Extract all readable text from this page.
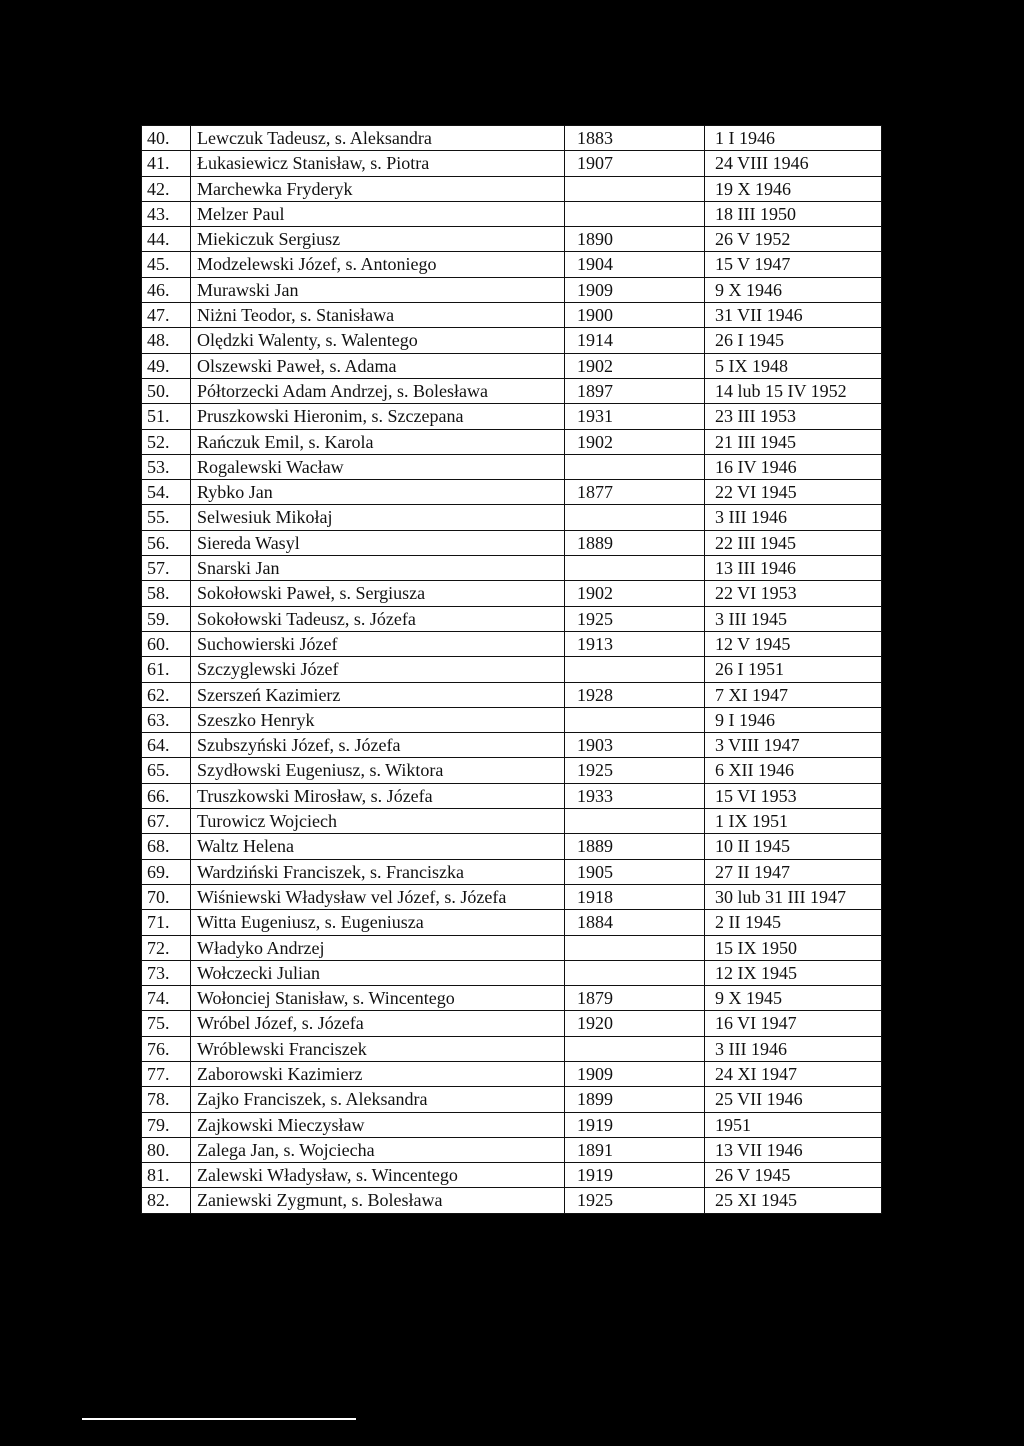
40.	Lewczuk Tadeusz, s. Aleksandra	1883	1 I 1946
41.	Łukasiewicz Stanisław, s. Piotra	1907	24 VIII 1946
42.	Marchewka Fryderyk		19 X 1946
43.	Melzer Paul		18 III 1950
44.	Miekiczuk Sergiusz	1890	26 V 1952
45.	Modzelewski Józef, s. Antoniego	1904	15 V 1947
46.	Murawski Jan	1909	9 X 1946
47.	Niżni Teodor, s. Stanisława	1900	31 VII 1946
48.	Olędzki Walenty, s. Walentego	1914	26 I 1945
49.	Olszewski Paweł, s. Adama	1902	5 IX 1948
50.	Półtorzecki Adam Andrzej, s. Bolesława	1897	14 lub 15 IV 1952
51.	Pruszkowski Hieronim, s. Szczepana	1931	23 III 1953
52.	Rańczuk Emil, s. Karola	1902	21 III 1945
53.	Rogalewski Wacław		16 IV 1946
54.	Rybko Jan	1877	22 VI 1945
55.	Selwesiuk Mikołaj		3 III 1946
56.	Siereda Wasyl	1889	22 III 1945
57.	Snarski Jan		13 III 1946
58.	Sokołowski Paweł, s. Sergiusza	1902	22 VI 1953
59.	Sokołowski Tadeusz, s. Józefa	1925	3 III 1945
60.	Suchowierski Józef	1913	12 V 1945
61.	Szczyglewski Józef		26 I 1951
62.	Szerszeń Kazimierz	1928	7 XI 1947
63.	Szeszko Henryk		9 I 1946
64.	Szubszyński Józef, s. Józefa	1903	3 VIII 1947
65.	Szydłowski Eugeniusz, s. Wiktora	1925	6 XII 1946
66.	Truszkowski Mirosław, s. Józefa	1933	15 VI 1953
67.	Turowicz Wojciech		1 IX 1951
68.	Waltz Helena	1889	10 II 1945
69.	Wardziński Franciszek, s. Franciszka	1905	27 II 1947
70.	Wiśniewski Władysław vel Józef, s. Józefa	1918	30 lub 31 III 1947
71.	Witta Eugeniusz, s. Eugeniusza	1884	2 II 1945
72.	Władyko Andrzej		15 IX 1950
73.	Wołczecki Julian		12 IX 1945
74.	Wołonciej Stanisław, s. Wincentego	1879	9 X 1945
75.	Wróbel Józef, s. Józefa	1920	16 VI 1947
76.	Wróblewski Franciszek		3 III 1946
77.	Zaborowski Kazimierz	1909	24 XI 1947
78.	Zajko Franciszek, s. Aleksandra	1899	25 VII 1946
79.	Zajkowski Mieczysław	1919	1951
80.	Zalega Jan, s. Wojciecha	1891	13 VII 1946
81.	Zalewski Władysław, s. Wincentego	1919	26 V 1945
82.	Zaniewski Zygmunt, s. Bolesława	1925	25 XI 1945
